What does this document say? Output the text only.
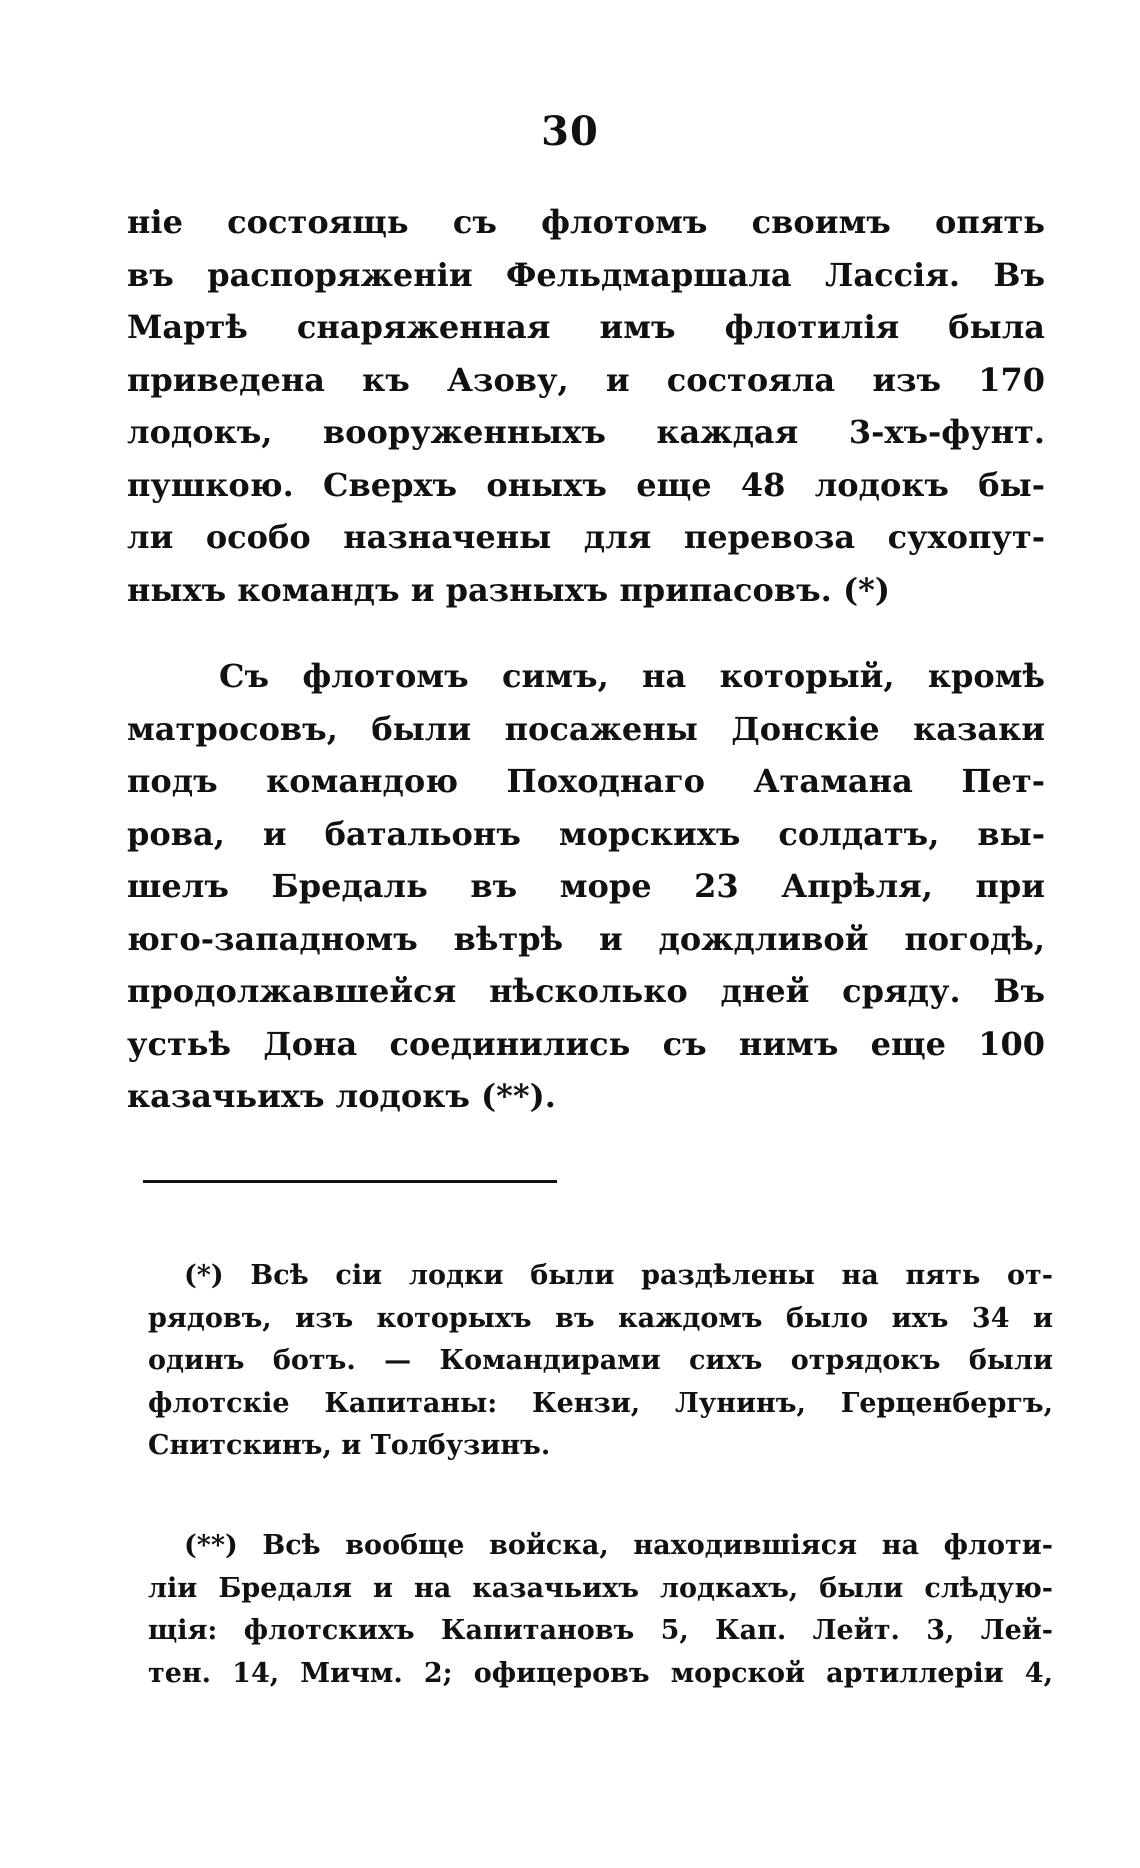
30
ніе состоящь съ флотомъ своимъ опять
въ распоряженіи Фельдмаршала Лассія. Въ
Мартѣ снаряженная имъ флотилія была
приведена къ Азову, и состояла изъ 170
лодокъ, вооруженныхъ каждая 3-хъ-фунт.
пушкою. Сверхъ оныхъ еще 48 лодокъ бы-
ли особо назначены для перевоза сухопут-
ныхъ командъ и разныхъ припасовъ. (*)
Съ флотомъ симъ, на который, кромѣ
матросовъ, были посажены Донскіе казаки
подъ командою Походнаго Атамана Пет-
рова, и батальонъ морскихъ солдатъ, вы-
шелъ Бредаль въ море 23 Апрѣля, при
юго-западномъ вѣтрѣ и дождливой погодѣ,
продолжавшейся нѣсколько дней сряду. Въ
устьѣ Дона соединились съ нимъ еще 100
казачьихъ лодокъ (**).
(*) Всѣ сіи лодки были раздѣлены на пять от-
рядовъ, изъ которыхъ въ каждомъ было ихъ 34 и
одинъ ботъ. — Командирами сихъ отрядокъ были
флотскіе Капитаны: Кензи, Лунинъ, Герценбергъ,
Снитскинъ, и Толбузинъ.
(**) Всѣ вообще войска, находившіяся на флоти-
ліи Бредаля и на казачьихъ лодкахъ, были слѣдую-
щія: флотскихъ Капитановъ 5, Кап. Лейт. 3, Лей-
тен. 14, Мичм. 2; офицеровъ морской артиллеріи 4,
